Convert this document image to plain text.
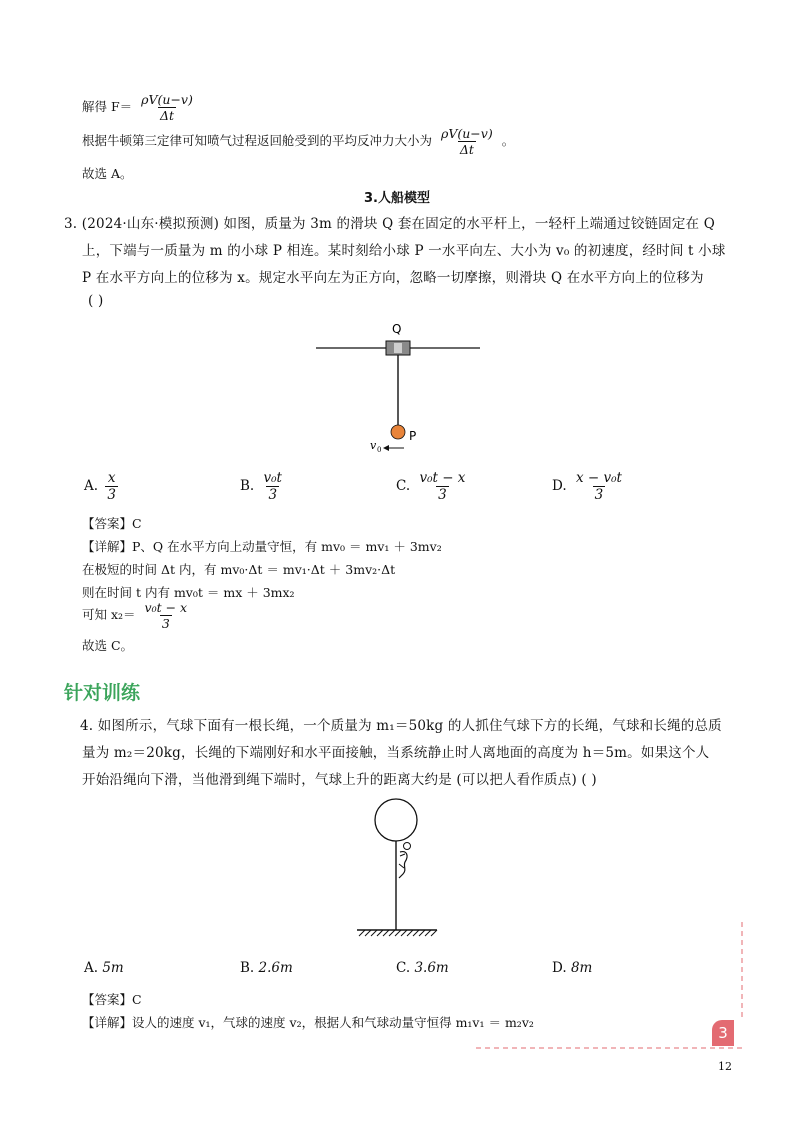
解得 $F= \frac{\rho V(u-v)}{\Delta t}$
根据牛顿第三定律可知喷气过程返回舱受到的平均反冲力大小为 $\frac{\rho V(u-v)}{\Delta t}$ 。
故选 A。
3.人船模型
3. (2024·山东·模拟预测) 如图，质量为 3m 的滑块 Q 套在固定的水平杆上，一轻杆上端通过铰链固定在 Q
上，下端与一质量为 m 的小球 P 相连。某时刻给小球 P 一水平向左、大小为 v₀ 的初速度，经时间 t 小球
P 在水平方向上的位移为 x。规定水平向左为正方向，忽略一切摩擦，则滑块 Q 在水平方向上的位移为
( )
Q
P
v 0
A. $\frac{x}{3}$	B. $\frac{\text{v₀t}}{3}$	C. $\frac{\text{v₀t − x}}{3}$	D. $\frac{\text{x − v₀t}}{3}$
【答案】C
【详解】P、Q 在水平方向上动量守恒，有 mv₀ ＝ mv₁ ＋ 3mv₂
在极短的时间 Δt 内，有 mv₀·Δt ＝ mv₁·Δt ＋ 3mv₂·Δt
则在时间 t 内有 mv₀t ＝ mx ＋ 3mx₂
可知 $x_2= \frac{\text{v₀t − x}}{3}$
故选 C。
针对训练
4. 如图所示，气球下面有一根长绳，一个质量为 m₁＝50kg 的人抓住气球下方的长绳，气球和长绳的总质
量为 m₂＝20kg，长绳的下端刚好和水平面接触，当系统静止时人离地面的高度为 h＝5m。如果这个人
开始沿绳向下滑，当他滑到绳下端时，气球上升的距离大约是 (可以把人看作质点) ( )
A. 5m	B. 2.6m	C. 3.6m	D. 8m
【答案】C
【详解】设人的速度 v₁，气球的速度 v₂，根据人和气球动量守恒得 m₁v₁ ＝ m₂v₂
3
12
